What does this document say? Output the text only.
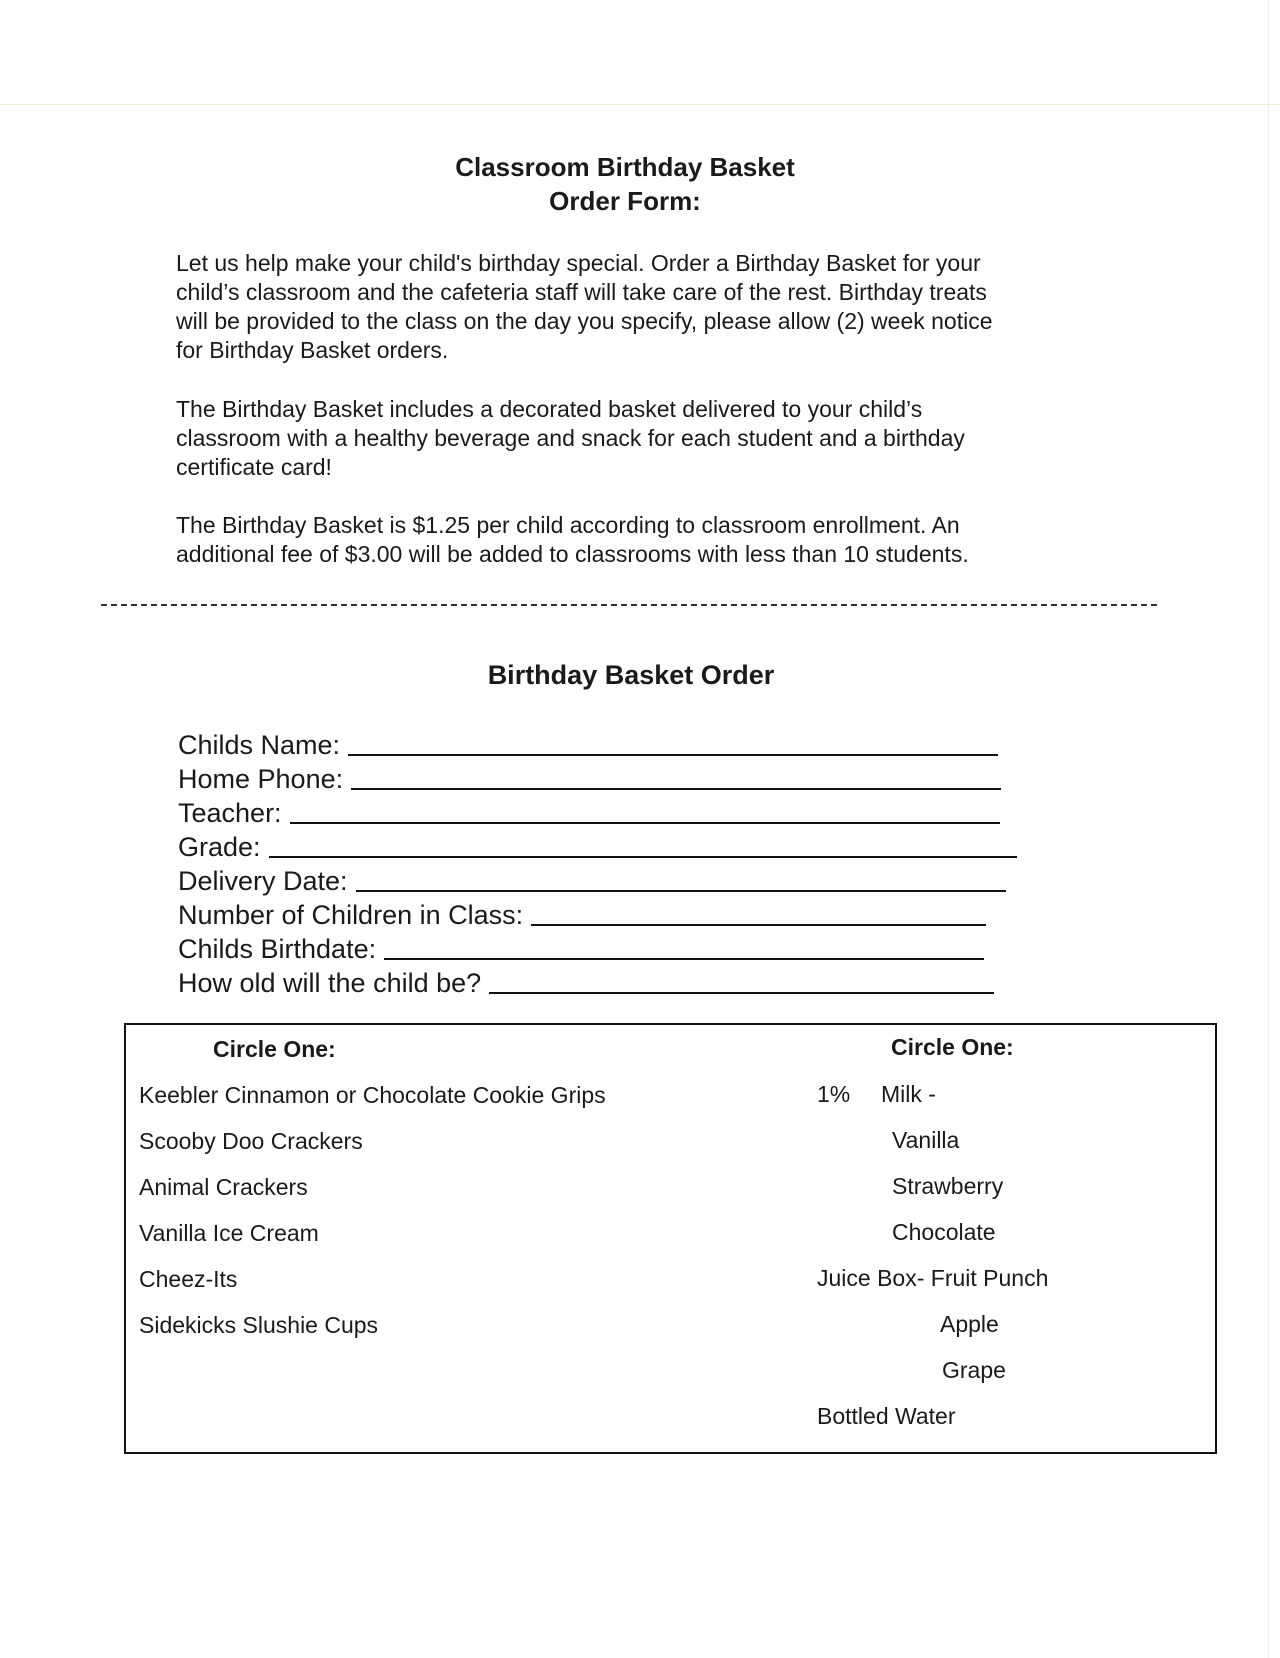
Classroom Birthday Basket
Order Form:
Let us help make your child's birthday special. Order a Birthday Basket for your
child’s classroom and the cafeteria staff will take care of the rest. Birthday treats
will be provided to the class on the day you specify, please allow (2) week notice
for Birthday Basket orders.
The Birthday Basket includes a decorated basket delivered to your child’s
classroom with a healthy beverage and snack for each student and a birthday
certificate card!
The Birthday Basket is $1.25 per child according to classroom enrollment. An
additional fee of $3.00 will be added to classrooms with less than 10 students.
Birthday Basket Order
Childs Name:
Home Phone:
Teacher:
Grade:
Delivery Date:
Number of Children in Class:
Childs Birthdate:
How old will the child be?
Circle One:
Keebler Cinnamon or Chocolate Cookie Grips
Scooby Doo Crackers
Animal Crackers
Vanilla Ice Cream
Cheez-Its
Sidekicks Slushie Cups
Circle One:
1% Milk -
Vanilla
Strawberry
Chocolate
Juice Box- Fruit Punch
Apple
Grape
Bottled Water
